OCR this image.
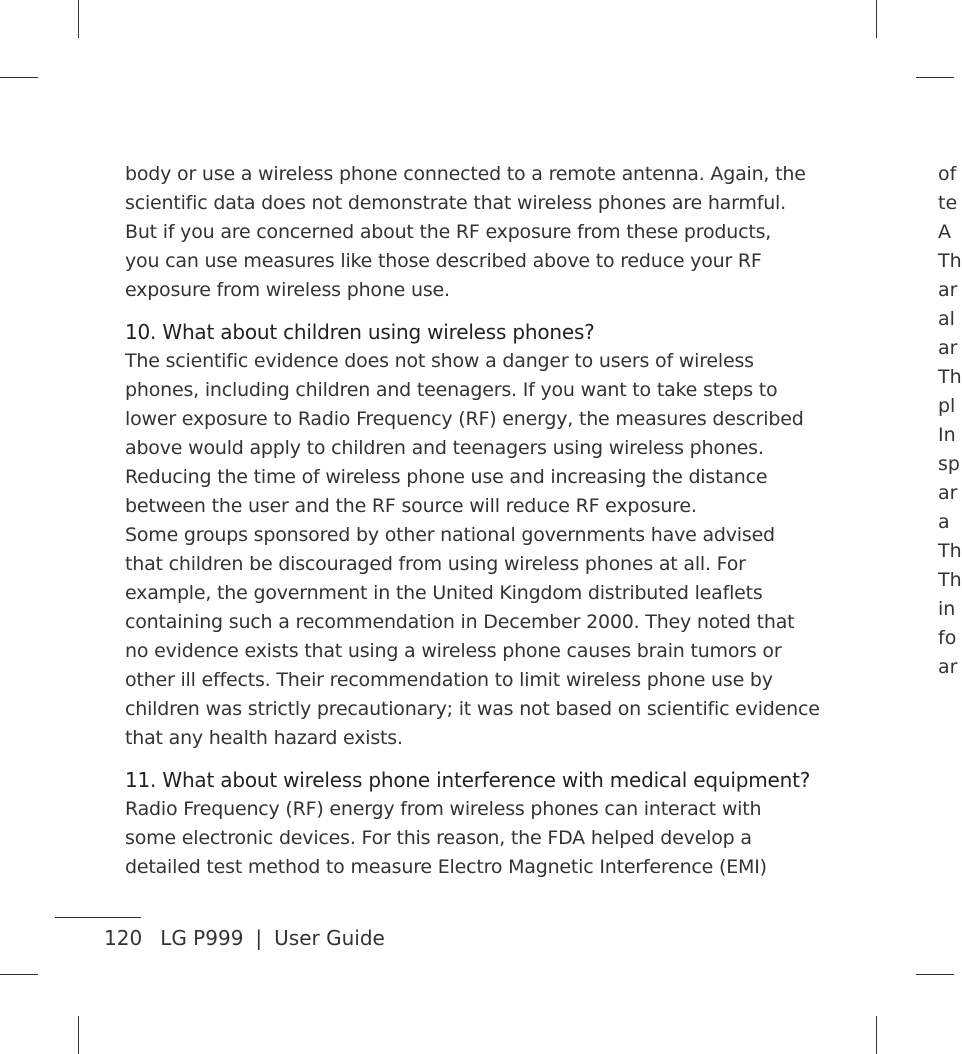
body or use a wireless phone connected to a remote antenna. Again, the
scientific data does not demonstrate that wireless phones are harmful.
But if you are concerned about the RF exposure from these products,
you can use measures like those described above to reduce your RF
exposure from wireless phone use.

10. What about children using wireless phones?

The scientific evidence does not show a danger to users of wireless
phones, including children and teenagers. If you want to take steps to
lower exposure to Radio Frequency (RF) energy, the measures described
above would apply to children and teenagers using wireless phones.
Reducing the time of wireless phone use and increasing the distance
between the user and the RF source will reduce RF exposure.
Some groups sponsored by other national governments have advised
that children be discouraged from using wireless phones at all. For
example, the government in the United Kingdom distributed leaflets
containing such a recommendation in December 2000. They noted that
no evidence exists that using a wireless phone causes brain tumors or
other ill effects. Their recommendation to limit wireless phone use by
children was strictly precautionary; it was not based on scientific evidence
that any health hazard exists.

11. What about wireless phone interference with medical equipment?

Radio Frequency (RF) energy from wireless phones can interact with
some electronic devices. For this reason, the FDA helped develop a
detailed test method to measure Electro Magnetic Interference (EMI)

of
te
A
Th
ar
al
ar
Th
pl
In
sp
ar
a
Th
Th
in
fo
ar
120 LG P999 | User Guide
